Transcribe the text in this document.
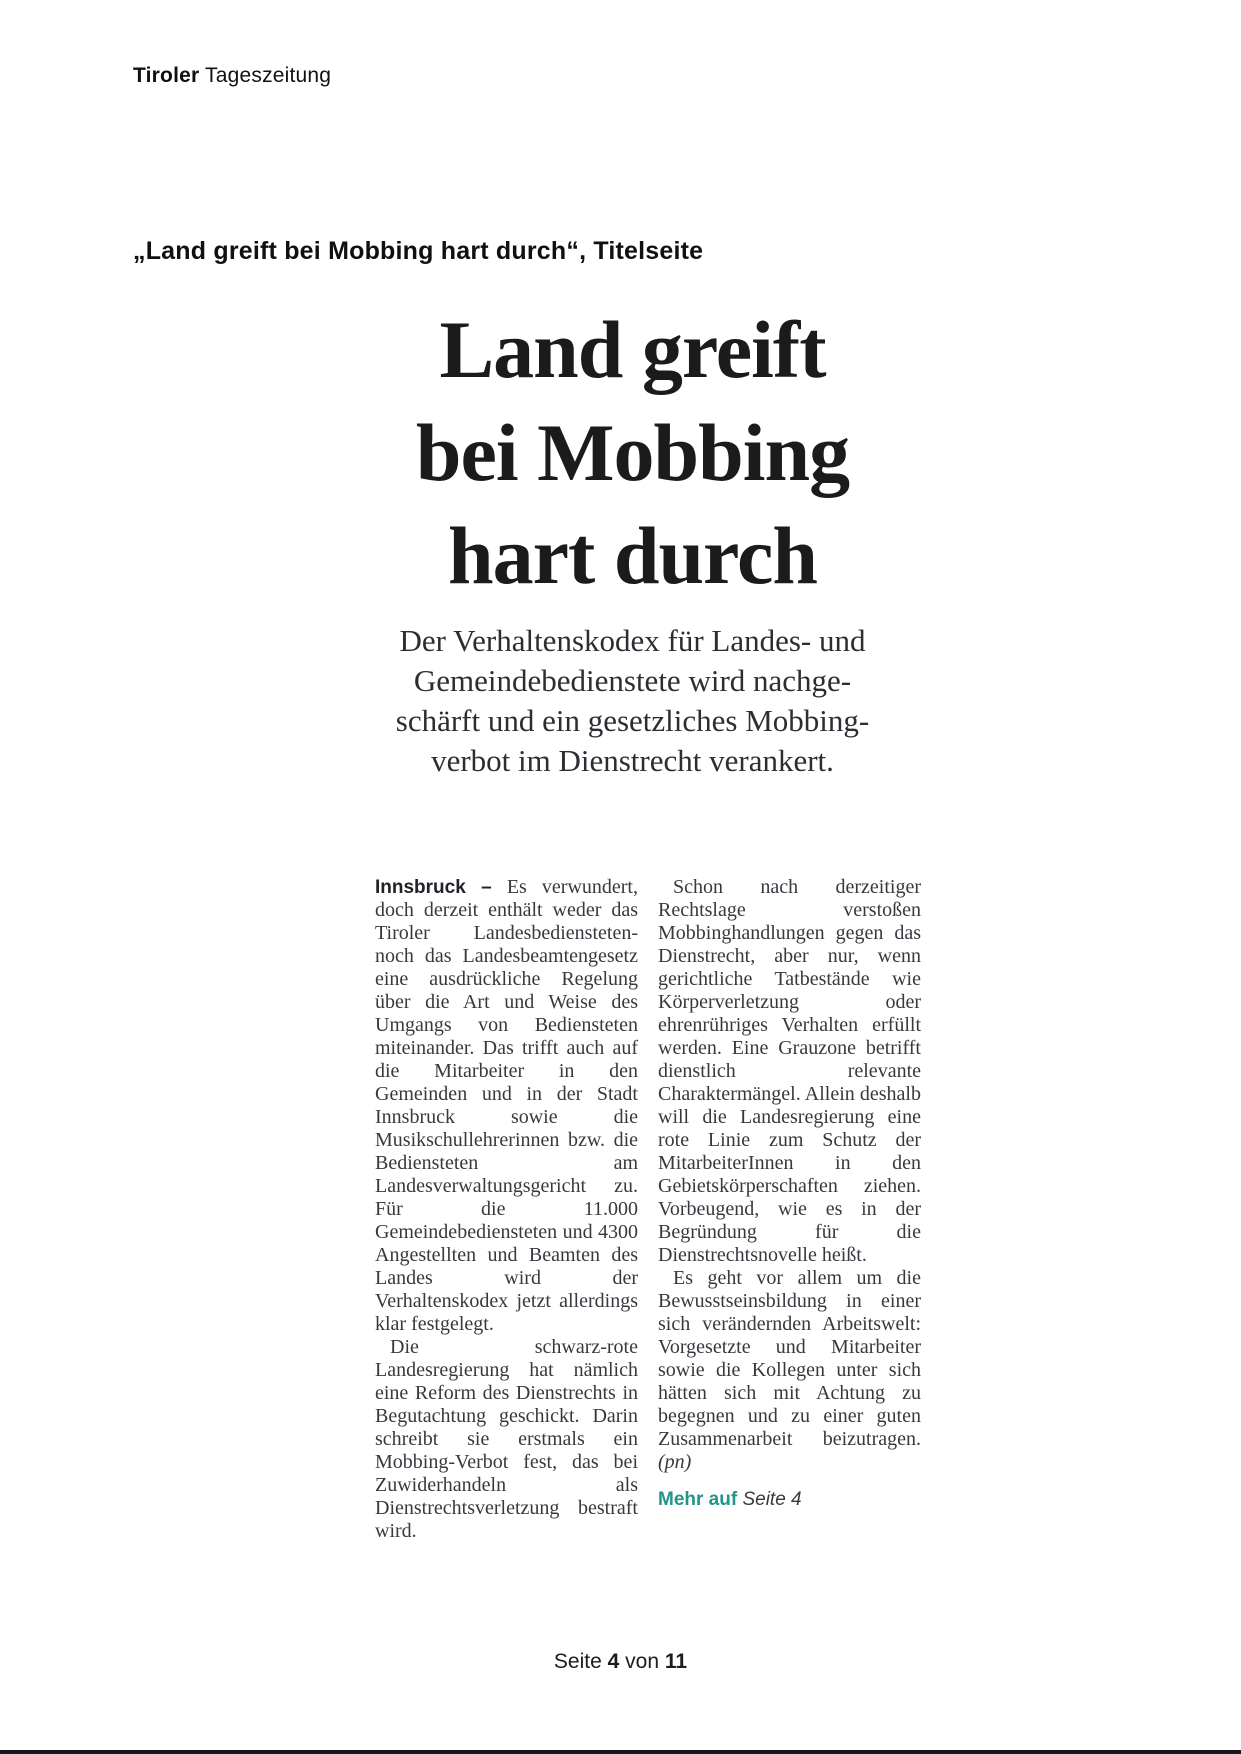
Tiroler Tageszeitung
„Land greift bei Mobbing hart durch“, Titelseite
Land greift
bei Mobbing
hart durch
Der Verhaltenskodex für Landes- und
Gemeindebedienstete wird nachge-
schärft und ein gesetzliches Mobbing-
verbot im Dienstrecht verankert.

Innsbruck – Es verwundert, doch derzeit enthält weder das Tiroler Landesbediensteten- noch das Landesbeamtengesetz eine ausdrückliche Regelung über die Art und Weise des Umgangs von Bediensteten miteinander. Das trifft auch auf die Mitarbeiter in den Gemeinden und in der Stadt Innsbruck sowie die Musikschullehrerinnen bzw. die Bediensteten am Landesverwaltungsgericht zu. Für die 11.000 Gemeindebediensteten und 4300 Angestellten und Beamten des Landes wird der Verhaltenskodex jetzt allerdings klar festgelegt.

Die schwarz-rote Landesregierung hat nämlich eine Reform des Dienstrechts in Begutachtung geschickt. Darin schreibt sie erstmals ein Mobbing-Verbot fest, das bei Zuwiderhandeln als Dienstrechtsverletzung bestraft wird.

Schon nach derzeitiger Rechtslage verstoßen Mobbinghandlungen gegen das Dienstrecht, aber nur, wenn gerichtliche Tatbestände wie Körperverletzung oder ehrenrühriges Verhalten erfüllt werden. Eine Grauzone betrifft dienstlich relevante Charaktermängel. Allein deshalb will die Landesregierung eine rote Linie zum Schutz der MitarbeiterInnen in den Gebietskörperschaften ziehen. Vorbeugend, wie es in der Begründung für die Dienstrechtsnovelle heißt.

Es geht vor allem um die Bewusstseinsbildung in einer sich verändernden Arbeitswelt: Vorgesetzte und Mitarbeiter sowie die Kollegen unter sich hätten sich mit Achtung zu begegnen und zu einer guten Zusammenarbeit beizutragen. (pn)

Mehr auf Seite 4
Seite 4 von 11
